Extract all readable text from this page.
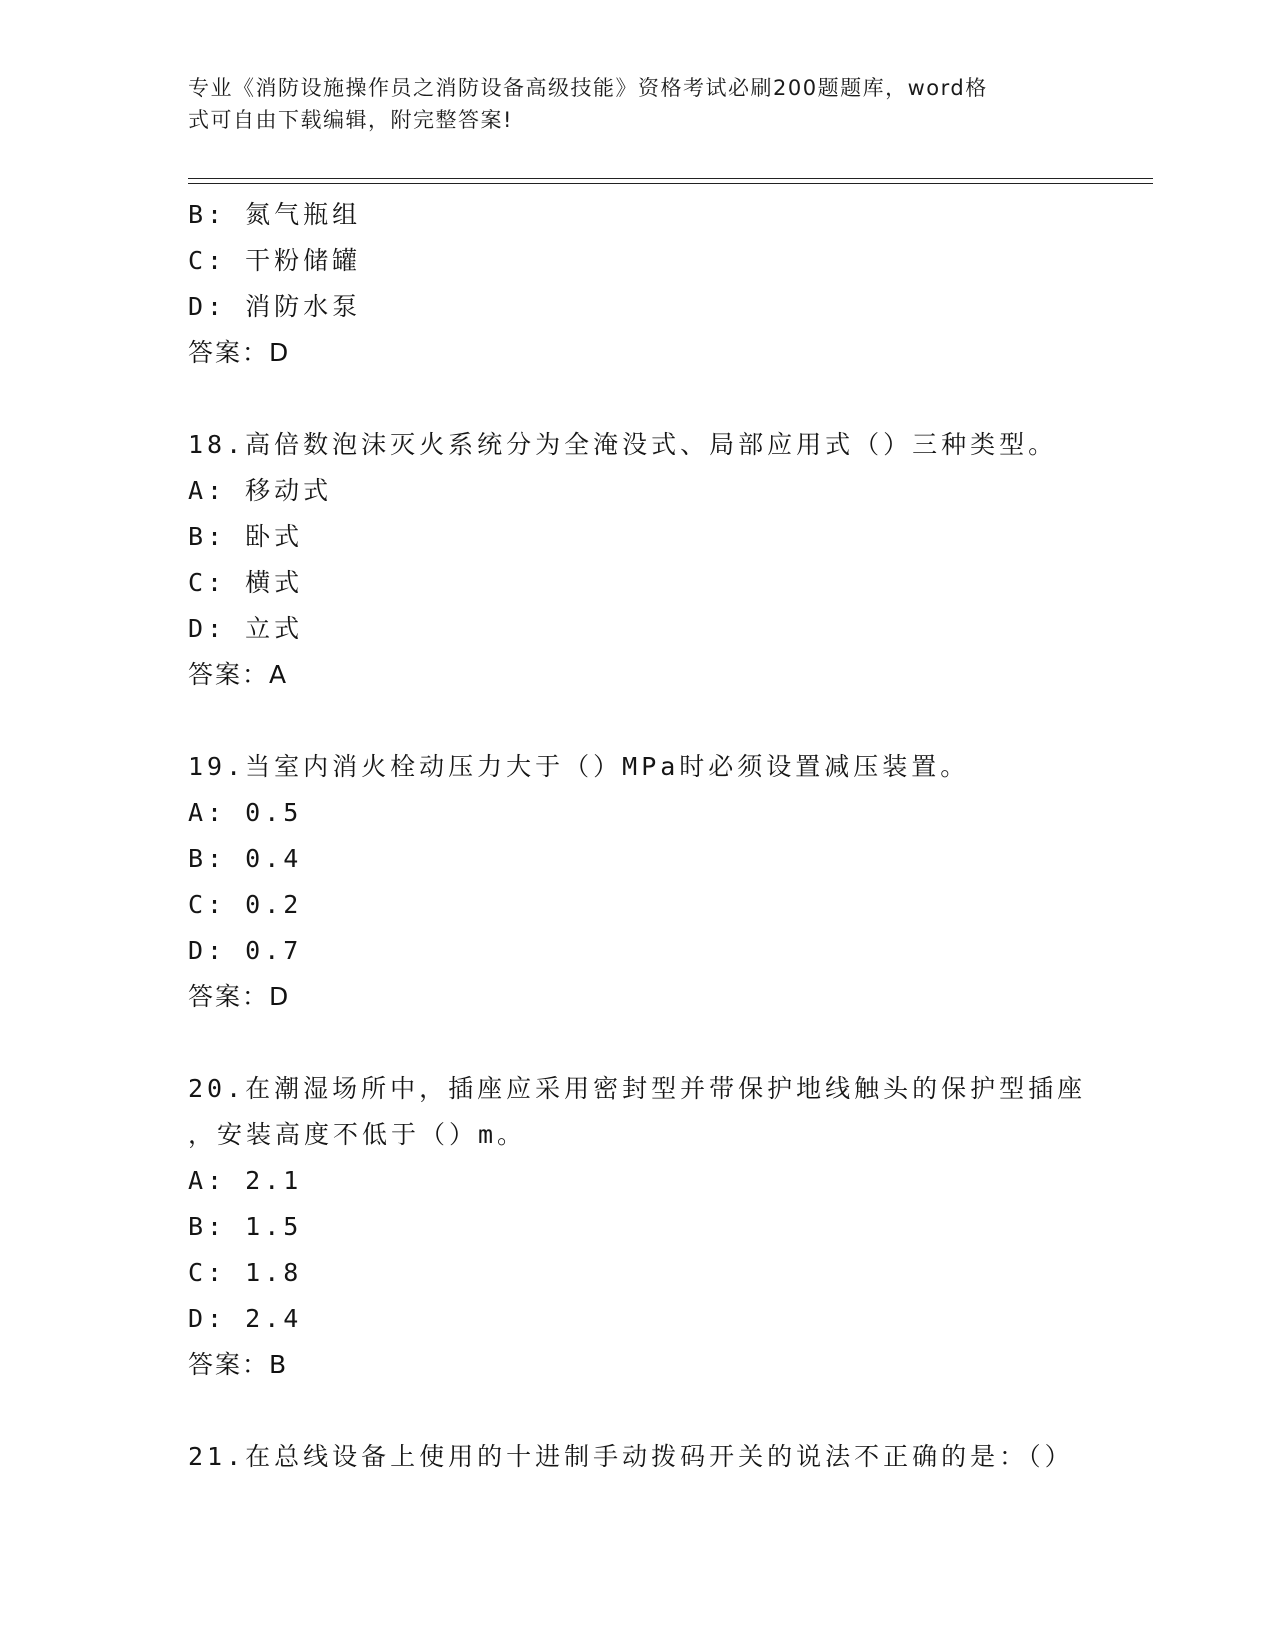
专业《消防设施操作员之消防设备高级技能》资格考试必刷200题题库，word格
式可自由下载编辑，附完整答案!
B: 氮气瓶组
C: 干粉储罐
D: 消防水泵
答案：D
18.高倍数泡沫灭火系统分为全淹没式、局部应用式（）三种类型。
A: 移动式
B: 卧式
C: 横式
D: 立式
答案：A
19.当室内消火栓动压力大于（）MPa时必须设置减压装置。
A: 0.5
B: 0.4
C: 0.2
D: 0.7
答案：D
20.在潮湿场所中，插座应采用密封型并带保护地线触头的保护型插座
，安装高度不低于（）m。
A: 2.1
B: 1.5
C: 1.8
D: 2.4
答案：B
21.在总线设备上使用的十进制手动拨码开关的说法不正确的是：（）
